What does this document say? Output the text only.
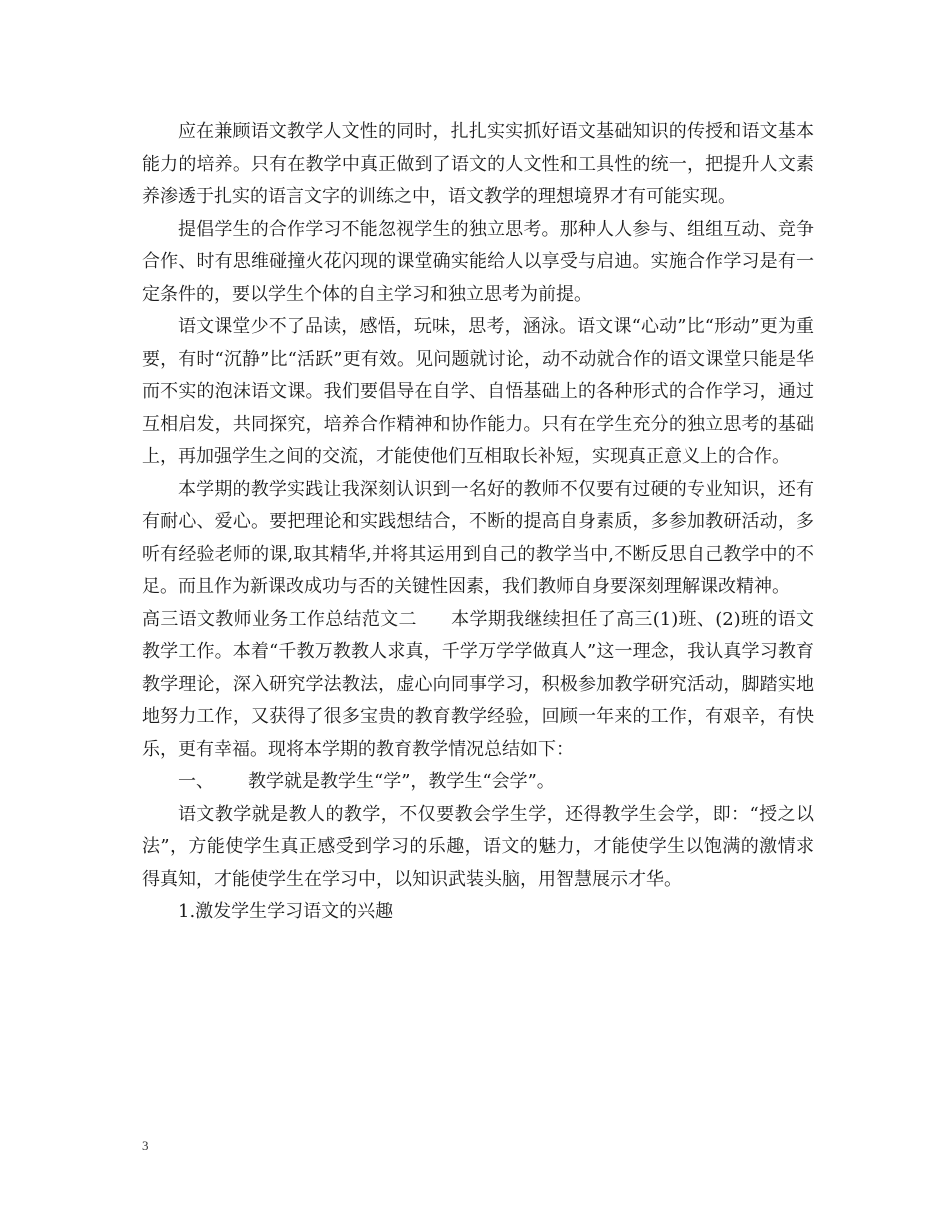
应在兼顾语文教学人文性的同时，扎扎实实抓好语文基础知识的传授和语文基本能力的培养。只有在教学中真正做到了语文的人文性和工具性的统一，把提升人文素养渗透于扎实的语言文字的训练之中，语文教学的理想境界才有可能实现。

提倡学生的合作学习不能忽视学生的独立思考。那种人人参与、组组互动、竞争合作、时有思维碰撞火花闪现的课堂确实能给人以享受与启迪。实施合作学习是有一定条件的，要以学生个体的自主学习和独立思考为前提。

语文课堂少不了品读，感悟，玩味，思考，涵泳。语文课“心动”比“形动”更为重要，有时“沉静”比“活跃”更有效。见问题就讨论，动不动就合作的语文课堂只能是华而不实的泡沫语文课。我们要倡导在自学、自悟基础上的各种形式的合作学习，通过互相启发，共同探究，培养合作精神和协作能力。只有在学生充分的独立思考的基础上，再加强学生之间的交流，才能使他们互相取长补短，实现真正意义上的合作。

本学期的教学实践让我深刻认识到一名好的教师不仅要有过硬的专业知识，还有有耐心、爱心。要把理论和实践想结合，不断的提高自身素质，多参加教研活动，多听有经验老师的课,取其精华,并将其运用到自己的教学当中,不断反思自己教学中的不足。而且作为新课改成功与否的关键性因素，我们教师自身要深刻理解课改精神。

高三语文教师业务工作总结范文二 本学期我继续担任了高三(1)班、(2)班的语文教学工作。本着“千教万教教人求真，千学万学学做真人”这一理念，我认真学习教育教学理论，深入研究学法教法，虚心向同事学习，积极参加教学研究活动，脚踏实地地努力工作，又获得了很多宝贵的教育教学经验，回顾一年来的工作，有艰辛，有快乐，更有幸福。现将本学期的教育教学情况总结如下：

一、 教学就是教学生“学”，教学生“会学”。

语文教学就是教人的教学，不仅要教会学生学，还得教学生会学，即：“授之以法”，方能使学生真正感受到学习的乐趣，语文的魅力，才能使学生以饱满的激情求得真知，才能使学生在学习中，以知识武装头脑，用智慧展示才华。

1.激发学生学习语文的兴趣

3
